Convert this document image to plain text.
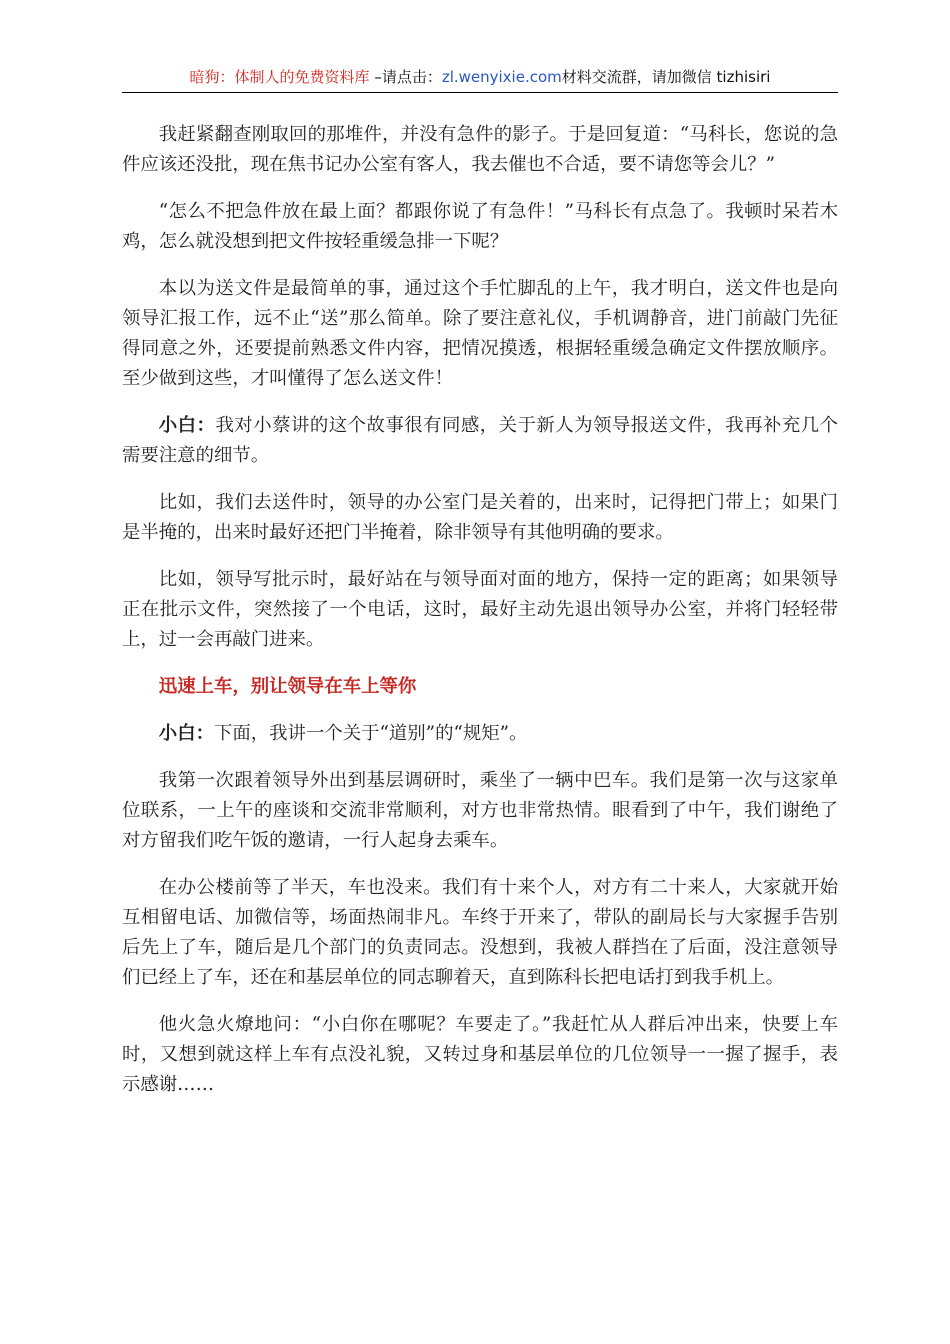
暗狗：体制人的免费资料库 –请点击：zl.wenyixie.com材料交流群，请加微信 tizhisiri

我赶紧翻查刚取回的那堆件，并没有急件的影子。于是回复道：“马科长，您说的急件应该还没批，现在焦书记办公室有客人，我去催也不合适，要不请您等会儿？”

“怎么不把急件放在最上面？都跟你说了有急件！”马科长有点急了。我顿时呆若木鸡，怎么就没想到把文件按轻重缓急排一下呢？

本以为送文件是最简单的事，通过这个手忙脚乱的上午，我才明白，送文件也是向领导汇报工作，远不止“送”那么简单。除了要注意礼仪，手机调静音，进门前敲门先征得同意之外，还要提前熟悉文件内容，把情况摸透，根据轻重缓急确定文件摆放顺序。至少做到这些，才叫懂得了怎么送文件！

小白：我对小蔡讲的这个故事很有同感，关于新人为领导报送文件，我再补充几个需要注意的细节。

比如，我们去送件时，领导的办公室门是关着的，出来时，记得把门带上；如果门是半掩的，出来时最好还把门半掩着，除非领导有其他明确的要求。

比如，领导写批示时，最好站在与领导面对面的地方，保持一定的距离；如果领导正在批示文件，突然接了一个电话，这时，最好主动先退出领导办公室，并将门轻轻带上，过一会再敲门进来。

迅速上车，别让领导在车上等你

小白：下面，我讲一个关于“道别”的“规矩”。

我第一次跟着领导外出到基层调研时，乘坐了一辆中巴车。我们是第一次与这家单位联系，一上午的座谈和交流非常顺利，对方也非常热情。眼看到了中午，我们谢绝了对方留我们吃午饭的邀请，一行人起身去乘车。

在办公楼前等了半天，车也没来。我们有十来个人，对方有二十来人，大家就开始互相留电话、加微信等，场面热闹非凡。车终于开来了，带队的副局长与大家握手告别后先上了车，随后是几个部门的负责同志。没想到，我被人群挡在了后面，没注意领导们已经上了车，还在和基层单位的同志聊着天，直到陈科长把电话打到我手机上。

他火急火燎地问：“小白你在哪呢？车要走了。”我赶忙从人群后冲出来，快要上车时，又想到就这样上车有点没礼貌，又转过身和基层单位的几位领导一一握了握手，表示感谢……
